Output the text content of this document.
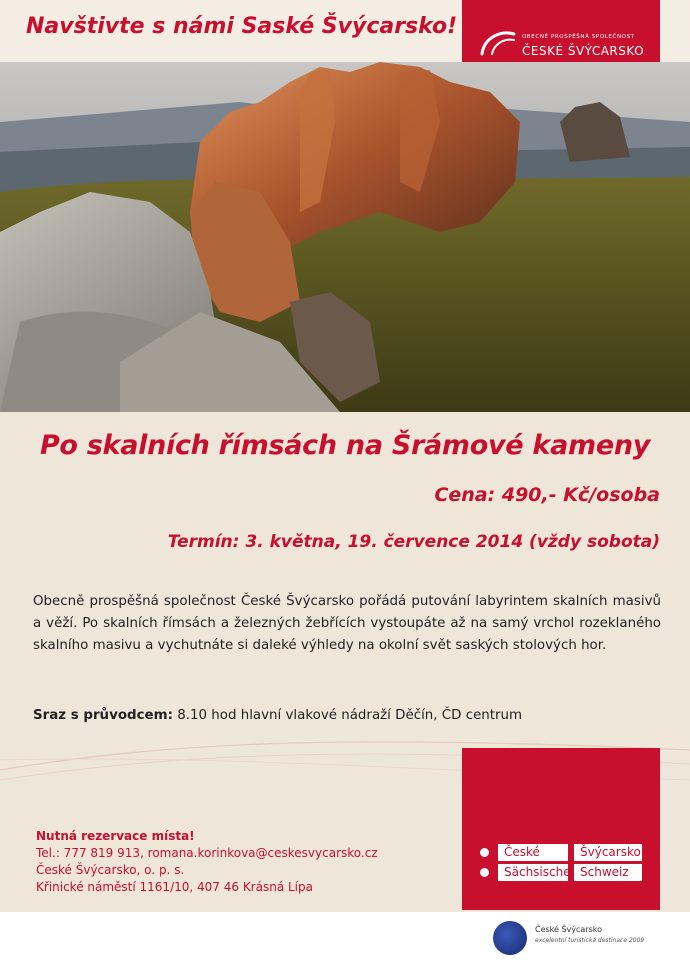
Navštivte s námi Saské Švýcarsko!	OBECNĚ PROSPĚŠNÁ SPOLEČNOST
ČESKÉ ŠVÝCARSKO
Po skalních římsách na Šrámové kameny
Cena: 490,- Kč/osoba
Termín: 3. května, 19. července 2014 (vždy sobota)
Obecně prospěšná společnost České Švýcarsko pořádá putování labyrintem skalních masivů a věží. Po skalních římsách a železných žebřících vystoupáte až na samý vrchol rozeklaného skalního masivu a vychutnáte si daleké výhledy na okolní svět saských stolových hor.
Sraz s průvodcem: 8.10 hod hlavní vlakové nádraží Děčín, ČD centrum
České	Švýcarsko
Sächsische Schweiz
Nutná rezervace místa!
Tel.: 777 819 913, romana.korinkova@ceskesvycarsko.cz
České Švýcarsko, o. p. s.
Křinické náměstí 1161/10, 407 46 Krásná Lípa
České Švýcarsko
excelentní turistická destinace 2009
